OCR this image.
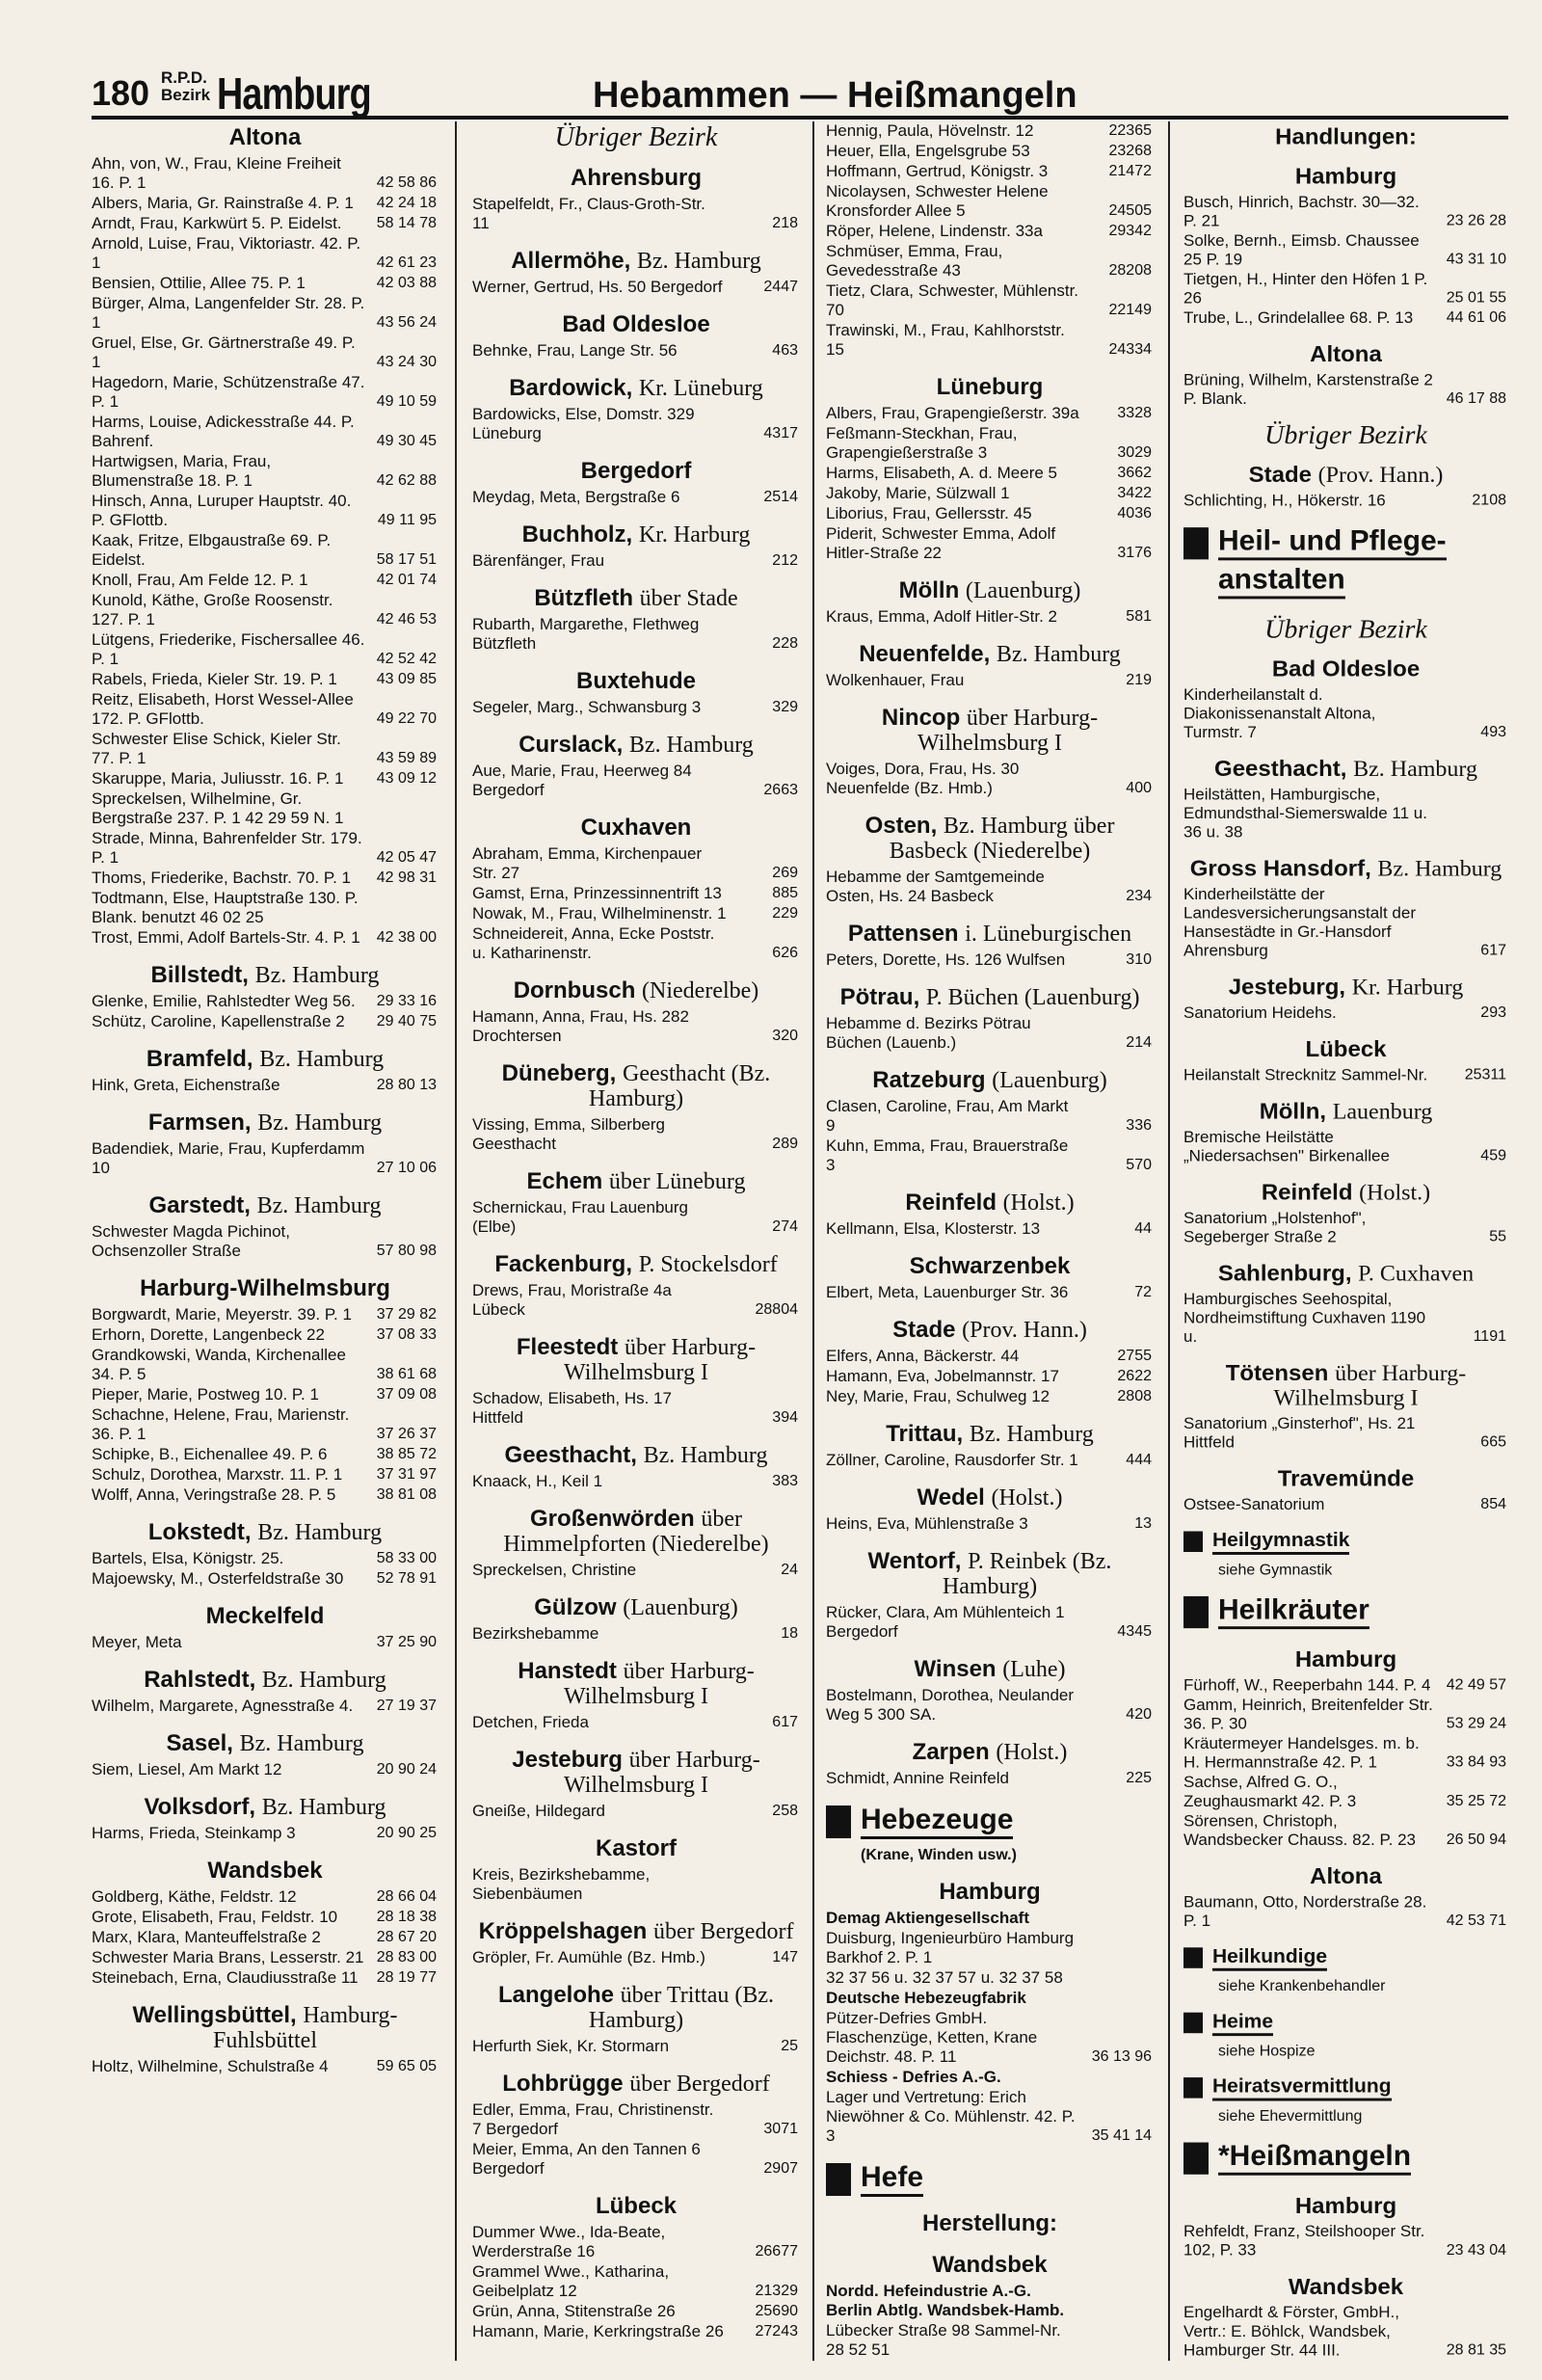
180 R.P.D.
Bezirk Hamburg	Hebammen — Heißmangeln
Altona
Ahn, von, W., Frau, Kleine Freiheit 16. P. 1	42 58 86
Albers, Maria, Gr. Rainstraße 4. P. 1	42 24 18
Arndt, Frau, Karkwürt 5. P. Eidelst.	58 14 78
Arnold, Luise, Frau, Viktoriastr. 42. P. 1	42 61 23
Bensien, Ottilie, Allee 75. P. 1	42 03 88
Bürger, Alma, Langenfelder Str. 28. P. 1	43 56 24
Gruel, Else, Gr. Gärtnerstraße 49. P. 1	43 24 30
Hagedorn, Marie, Schützenstraße 47. P. 1	49 10 59
Harms, Louise, Adickesstraße 44. P. Bahrenf.	49 30 45
Hartwigsen, Maria, Frau, Blumenstraße 18. P. 1	42 62 88
Hinsch, Anna, Luruper Hauptstr. 40. P. GFlottb.	49 11 95
Kaak, Fritze, Elbgaustraße 69. P. Eidelst.	58 17 51
Knoll, Frau, Am Felde 12. P. 1	42 01 74
Kunold, Käthe, Große Roosenstr. 127. P. 1	42 46 53
Lütgens, Friederike, Fischersallee 46. P. 1	42 52 42
Rabels, Frieda, Kieler Str. 19. P. 1	43 09 85
Reitz, Elisabeth, Horst Wessel-Allee 172. P. GFlottb.	49 22 70
Schwester Elise Schick, Kieler Str. 77. P. 1	43 59 89
Skaruppe, Maria, Juliusstr. 16. P. 1	43 09 12
Spreckelsen, Wilhelmine, Gr. Bergstraße 237. P. 1 42 29 59 N. 1
Strade, Minna, Bahrenfelder Str. 179. P. 1	42 05 47
Thoms, Friederike, Bachstr. 70. P. 1	42 98 31
Todtmann, Else, Hauptstraße 130. P. Blank. benutzt 46 02 25
Trost, Emmi, Adolf Bartels-Str. 4. P. 1	42 38 00
Billstedt, Bz. Hamburg
Glenke, Emilie, Rahlstedter Weg 56.	29 33 16
Schütz, Caroline, Kapellenstraße 2	29 40 75
Bramfeld, Bz. Hamburg
Hink, Greta, Eichenstraße	28 80 13
Farmsen, Bz. Hamburg
Badendiek, Marie, Frau, Kupferdamm 10	27 10 06
Garstedt, Bz. Hamburg
Schwester Magda Pichinot, Ochsenzoller Straße	57 80 98
Harburg-Wilhelmsburg
Borgwardt, Marie, Meyerstr. 39. P. 1	37 29 82
Erhorn, Dorette, Langenbeck 22	37 08 33
Grandkowski, Wanda, Kirchenallee 34. P. 5	38 61 68
Pieper, Marie, Postweg 10. P. 1	37 09 08
Schachne, Helene, Frau, Marienstr. 36. P. 1	37 26 37
Schipke, B., Eichenallee 49. P. 6	38 85 72
Schulz, Dorothea, Marxstr. 11. P. 1	37 31 97
Wolff, Anna, Veringstraße 28. P. 5	38 81 08
Lokstedt, Bz. Hamburg
Bartels, Elsa, Königstr. 25.	58 33 00
Majoewsky, M., Osterfeldstraße 30	52 78 91
Meckelfeld
Meyer, Meta	37 25 90
Rahlstedt, Bz. Hamburg
Wilhelm, Margarete, Agnesstraße 4.	27 19 37
Sasel, Bz. Hamburg
Siem, Liesel, Am Markt 12	20 90 24
Volksdorf, Bz. Hamburg
Harms, Frieda, Steinkamp 3	20 90 25
Wandsbek
Goldberg, Käthe, Feldstr. 12	28 66 04
Grote, Elisabeth, Frau, Feldstr. 10	28 18 38
Marx, Klara, Manteuffelstraße 2	28 67 20
Schwester Maria Brans, Lesserstr. 21 28 83 00
Steinebach, Erna, Claudiusstraße 11	28 19 77
Wellingsbüttel, Hamburg-Fuhlsbüttel
Holtz, Wilhelmine, Schulstraße 4	59 65 05
Übriger Bezirk
Ahrensburg
Stapelfeldt, Fr., Claus-Groth-Str. 11	218
Allermöhe, Bz. Hamburg
Werner, Gertrud, Hs. 50 Bergedorf	2447
Bad Oldesloe
Behnke, Frau, Lange Str. 56	463
Bardowick, Kr. Lüneburg
Bardowicks, Else, Domstr. 329 Lüneburg	4317
Bergedorf
Meydag, Meta, Bergstraße 6	2514
Buchholz, Kr. Harburg
Bärenfänger, Frau	212
Bützfleth über Stade
Rubarth, Margarethe, Flethweg Bützfleth	228
Buxtehude
Segeler, Marg., Schwansburg 3	329
Curslack, Bz. Hamburg
Aue, Marie, Frau, Heerweg 84 Bergedorf	2663
Cuxhaven
Abraham, Emma, Kirchenpauer Str. 27	269
Gamst, Erna, Prinzessinnentrift 13	885
Nowak, M., Frau, Wilhelminenstr. 1	229
Schneidereit, Anna, Ecke Poststr. u. Katharinenstr.	626
Dornbusch (Niederelbe)
Hamann, Anna, Frau, Hs. 282 Drochtersen	320
Düneberg, Geesthacht (Bz. Hamburg)
Vissing, Emma, Silberberg Geesthacht	289
Echem über Lüneburg
Schernickau, Frau Lauenburg (Elbe)	274
Fackenburg, P. Stockelsdorf
Drews, Frau, Moristraße 4a Lübeck	28804
Fleestedt über Harburg-Wilhelmsburg I
Schadow, Elisabeth, Hs. 17 Hittfeld	394
Geesthacht, Bz. Hamburg
Knaack, H., Keil 1	383
Großenwörden über Himmelpforten (Niederelbe)
Spreckelsen, Christine	24
Gülzow (Lauenburg)
Bezirkshebamme	18
Hanstedt über Harburg-Wilhelmsburg I
Detchen, Frieda	617
Jesteburg über Harburg-Wilhelmsburg I
Gneiße, Hildegard	258
Kastorf
Kreis, Bezirkshebamme, Siebenbäumen
Kröppelshagen über Bergedorf
Gröpler, Fr. Aumühle (Bz. Hmb.)	147
Langelohe über Trittau (Bz. Hamburg)
Herfurth Siek, Kr. Stormarn	25
Lohbrügge über Bergedorf
Edler, Emma, Frau, Christinenstr. 7 Bergedorf	3071
Meier, Emma, An den Tannen 6 Bergedorf	2907
Lübeck
Dummer Wwe., Ida-Beate, Werderstraße 16	26677
Grammel Wwe., Katharina, Geibelplatz 12	21329
Grün, Anna, Stitenstraße 26	25690
Hamann, Marie, Kerkringstraße 26	27243
Hennig, Paula, Hövelnstr. 12	22365
Heuer, Ella, Engelsgrube 53	23268
Hoffmann, Gertrud, Königstr. 3	21472
Nicolaysen, Schwester Helene Kronsforder Allee 5	24505
Röper, Helene, Lindenstr. 33a	29342
Schmüser, Emma, Frau, Gevedesstraße 43	28208
Tietz, Clara, Schwester, Mühlenstr. 70	22149
Trawinski, M., Frau, Kahlhorststr. 15	24334
Lüneburg
Albers, Frau, Grapengießerstr. 39a	3328
Feßmann-Steckhan, Frau, Grapengießerstraße 3	3029
Harms, Elisabeth, A. d. Meere 5	3662
Jakoby, Marie, Sülzwall 1	3422
Liborius, Frau, Gellersstr. 45	4036
Piderit, Schwester Emma, Adolf Hitler-Straße 22	3176
Mölln (Lauenburg)
Kraus, Emma, Adolf Hitler-Str. 2	581
Neuenfelde, Bz. Hamburg
Wolkenhauer, Frau	219
Nincop über Harburg-Wilhelmsburg I
Voiges, Dora, Frau, Hs. 30 Neuenfelde (Bz. Hmb.)	400
Osten, Bz. Hamburg über Basbeck (Niederelbe)
Hebamme der Samtgemeinde Osten, Hs. 24 Basbeck	234
Pattensen i. Lüneburgischen
Peters, Dorette, Hs. 126 Wulfsen	310
Pötrau, P. Büchen (Lauenburg)
Hebamme d. Bezirks Pötrau Büchen (Lauenb.)	214
Ratzeburg (Lauenburg)
Clasen, Caroline, Frau, Am Markt 9	336
Kuhn, Emma, Frau, Brauerstraße 3	570
Reinfeld (Holst.)
Kellmann, Elsa, Klosterstr. 13	44
Schwarzenbek
Elbert, Meta, Lauenburger Str. 36	72
Stade (Prov. Hann.)
Elfers, Anna, Bäckerstr. 44	2755
Hamann, Eva, Jobelmannstr. 17	2622
Ney, Marie, Frau, Schulweg 12	2808
Trittau, Bz. Hamburg
Zöllner, Caroline, Rausdorfer Str. 1	444
Wedel (Holst.)
Heins, Eva, Mühlenstraße 3	13
Wentorf, P. Reinbek (Bz. Hamburg)
Rücker, Clara, Am Mühlenteich 1 Bergedorf	4345
Winsen (Luhe)
Bostelmann, Dorothea, Neulander Weg 5 300 SA.	420
Zarpen (Holst.)
Schmidt, Annine Reinfeld	225
Hebezeuge
(Krane, Winden usw.)
Hamburg
Demag Aktiengesellschaft
Duisburg, Ingenieurbüro Hamburg Barkhof 2. P. 1
32 37 56 u. 32 37 57 u. 32 37 58
Deutsche Hebezeugfabrik
Pützer-Defries GmbH. Flaschenzüge, Ketten, Krane Deichstr. 48. P. 11	36 13 96
Schiess - Defries A.-G.
Lager und Vertretung: Erich Niewöhner & Co. Mühlenstr. 42. P. 3	35 41 14
Hefe
Herstellung:
Wandsbek
Nordd. Hefeindustrie A.-G. Berlin Abtlg. Wandsbek-Hamb.
Lübecker Straße 98 Sammel-Nr. 28 52 51
Handlungen:
Hamburg
Busch, Hinrich, Bachstr. 30—32. P. 21	23 26 28
Solke, Bernh., Eimsb. Chaussee 25 P. 19	43 31 10
Tietgen, H., Hinter den Höfen 1 P. 26	25 01 55
Trube, L., Grindelallee 68. P. 13	44 61 06
Altona
Brüning, Wilhelm, Karstenstraße 2 P. Blank.	46 17 88
Übriger Bezirk
Stade (Prov. Hann.)
Schlichting, H., Hökerstr. 16	2108
Heil- und Pflege-anstalten
Übriger Bezirk
Bad Oldesloe
Kinderheilanstalt d. Diakonissenanstalt Altona, Turmstr. 7	493
Geesthacht, Bz. Hamburg
Heilstätten, Hamburgische, Edmundsthal-Siemerswalde 11 u. 36 u. 38
Gross Hansdorf, Bz. Hamburg
Kinderheilstätte der Landesversicherungsanstalt der Hansestädte in Gr.-Hansdorf Ahrensburg	617
Jesteburg, Kr. Harburg
Sanatorium Heidehs.	293
Lübeck
Heilanstalt Strecknitz Sammel-Nr.	25311
Mölln, Lauenburg
Bremische Heilstätte „Niedersachsen" Birkenallee	459
Reinfeld (Holst.)
Sanatorium „Holstenhof", Segeberger Straße 2	55
Sahlenburg, P. Cuxhaven
Hamburgisches Seehospital, Nordheimstiftung Cuxhaven 1190 u.	1191
Tötensen über Harburg-Wilhelmsburg I
Sanatorium „Ginsterhof", Hs. 21 Hittfeld	665
Travemünde
Ostsee-Sanatorium	854
Heilgymnastik
siehe Gymnastik
Heilkräuter
Hamburg
Fürhoff, W., Reeperbahn 144. P. 4	42 49 57
Gamm, Heinrich, Breitenfelder Str. 36. P. 30	53 29 24
Kräutermeyer Handelsges. m. b. H. Hermannstraße 42. P. 1	33 84 93
Sachse, Alfred G. O., Zeughausmarkt 42. P. 3	35 25 72
Sörensen, Christoph, Wandsbecker Chauss. 82. P. 23	26 50 94
Altona
Baumann, Otto, Norderstraße 28. P. 1	42 53 71
Heilkundige
siehe Krankenbehandler
Heime
siehe Hospize
Heiratsvermittlung
siehe Ehevermittlung
*Heißmangeln
Hamburg
Rehfeldt, Franz, Steilshooper Str. 102, P. 33	23 43 04
Wandsbek
Engelhardt & Förster, GmbH., Vertr.: E. Böhlck, Wandsbek, Hamburger Str. 44 III.	28 81 35
